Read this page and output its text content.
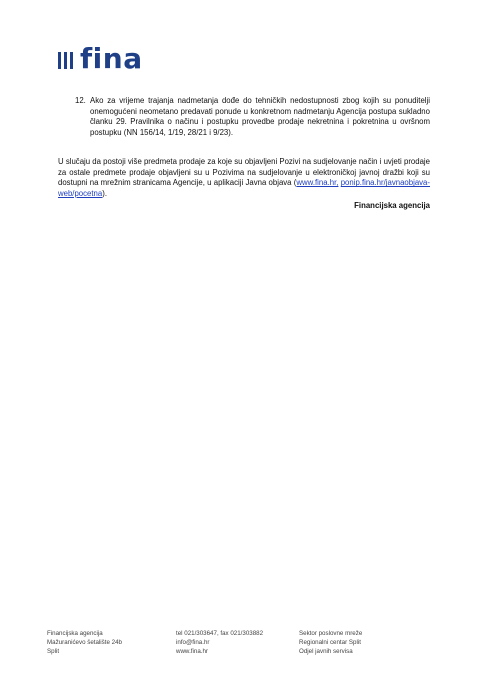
fina
12. Ako za vrijeme trajanja nadmetanja dođe do tehničkih nedostupnosti zbog kojih su ponuditelji onemogućeni neometano predavati ponude u konkretnom nadmetanju Agencija postupa sukladno članku 29. Pravilnika o načinu i postupku provedbe prodaje nekretnina i pokretnina u ovršnom postupku (NN 156/14, 1/19, 28/21 i 9/23).
U slučaju da postoji više predmeta prodaje za koje su objavljeni Pozivi na sudjelovanje način i uvjeti prodaje za ostale predmete prodaje objavljeni su u Pozivima na sudjelovanje u elektroničkoj javnoj dražbi koji su dostupni na mrežnim stranicama Agencije, u aplikaciji Javna objava (www.fina.hr, ponip.fina.hr/javnaobjava-web/pocetna).
Financijska agencija
Financijska agencija
Mažuranićevo šetalište 24b
Split
tel 021/303647, fax 021/303882
info@fina.hr
www.fina.hr
Sektor poslovne mreže
Regionalni centar Split
Odjel javnih servisa
